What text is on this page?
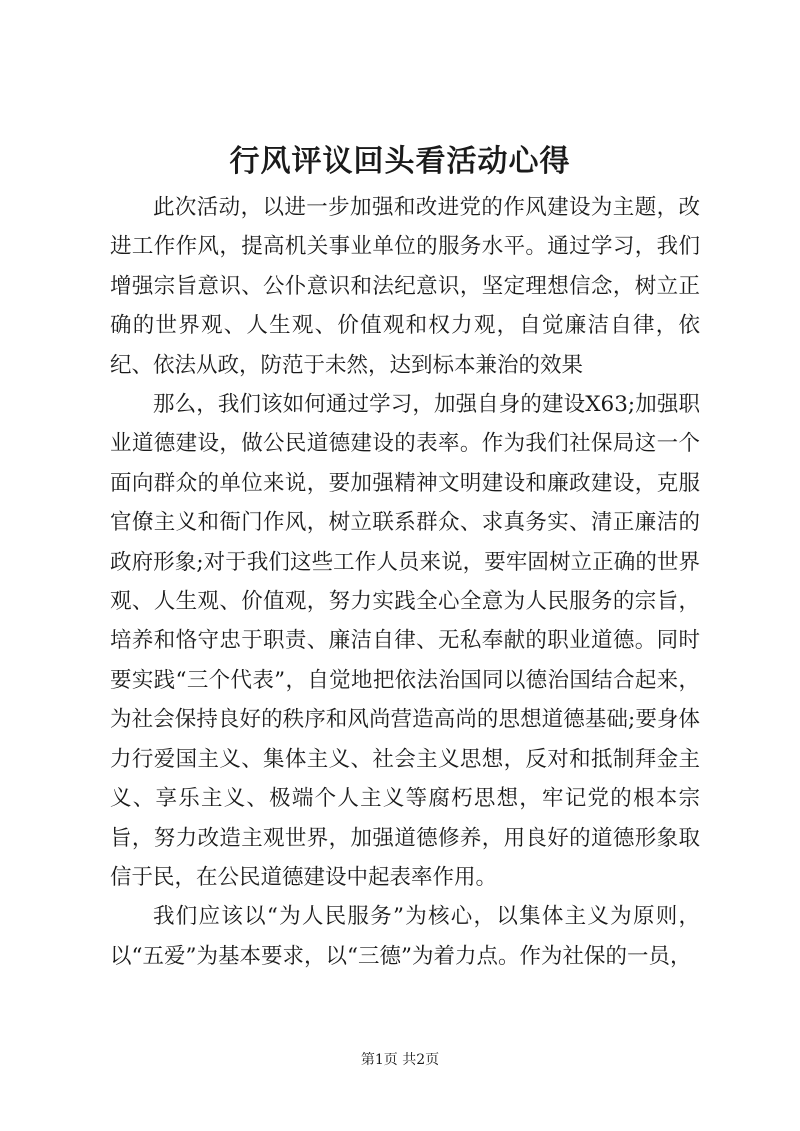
行风评议回头看活动心得

此次活动，以进一步加强和改进党的作风建设为主题，改进工作作风，提高机关事业单位的服务水平。通过学习，我们增强宗旨意识、公仆意识和法纪意识，坚定理想信念，树立正确的世界观、人生观、价值观和权力观，自觉廉洁自律，依纪、依法从政，防范于未然，达到标本兼治的效果

那么，我们该如何通过学习，加强自身的建设X63;加强职业道德建设，做公民道德建设的表率。作为我们社保局这一个面向群众的单位来说，要加强精神文明建设和廉政建设，克服官僚主义和衙门作风，树立联系群众、求真务实、清正廉洁的政府形象;对于我们这些工作人员来说，要牢固树立正确的世界观、人生观、价值观，努力实践全心全意为人民服务的宗旨，培养和恪守忠于职责、廉洁自律、无私奉献的职业道德。同时要实践“三个代表”，自觉地把依法治国同以德治国结合起来，为社会保持良好的秩序和风尚营造高尚的思想道德基础;要身体力行爱国主义、集体主义、社会主义思想，反对和抵制拜金主义、享乐主义、极端个人主义等腐朽思想，牢记党的根本宗旨，努力改造主观世界，加强道德修养，用良好的道德形象取信于民，在公民道德建设中起表率作用。

我们应该以“为人民服务”为核心，以集体主义为原则，以“五爱”为基本要求，以“三德”为着力点。作为社保的一员，

第1页 共2页
